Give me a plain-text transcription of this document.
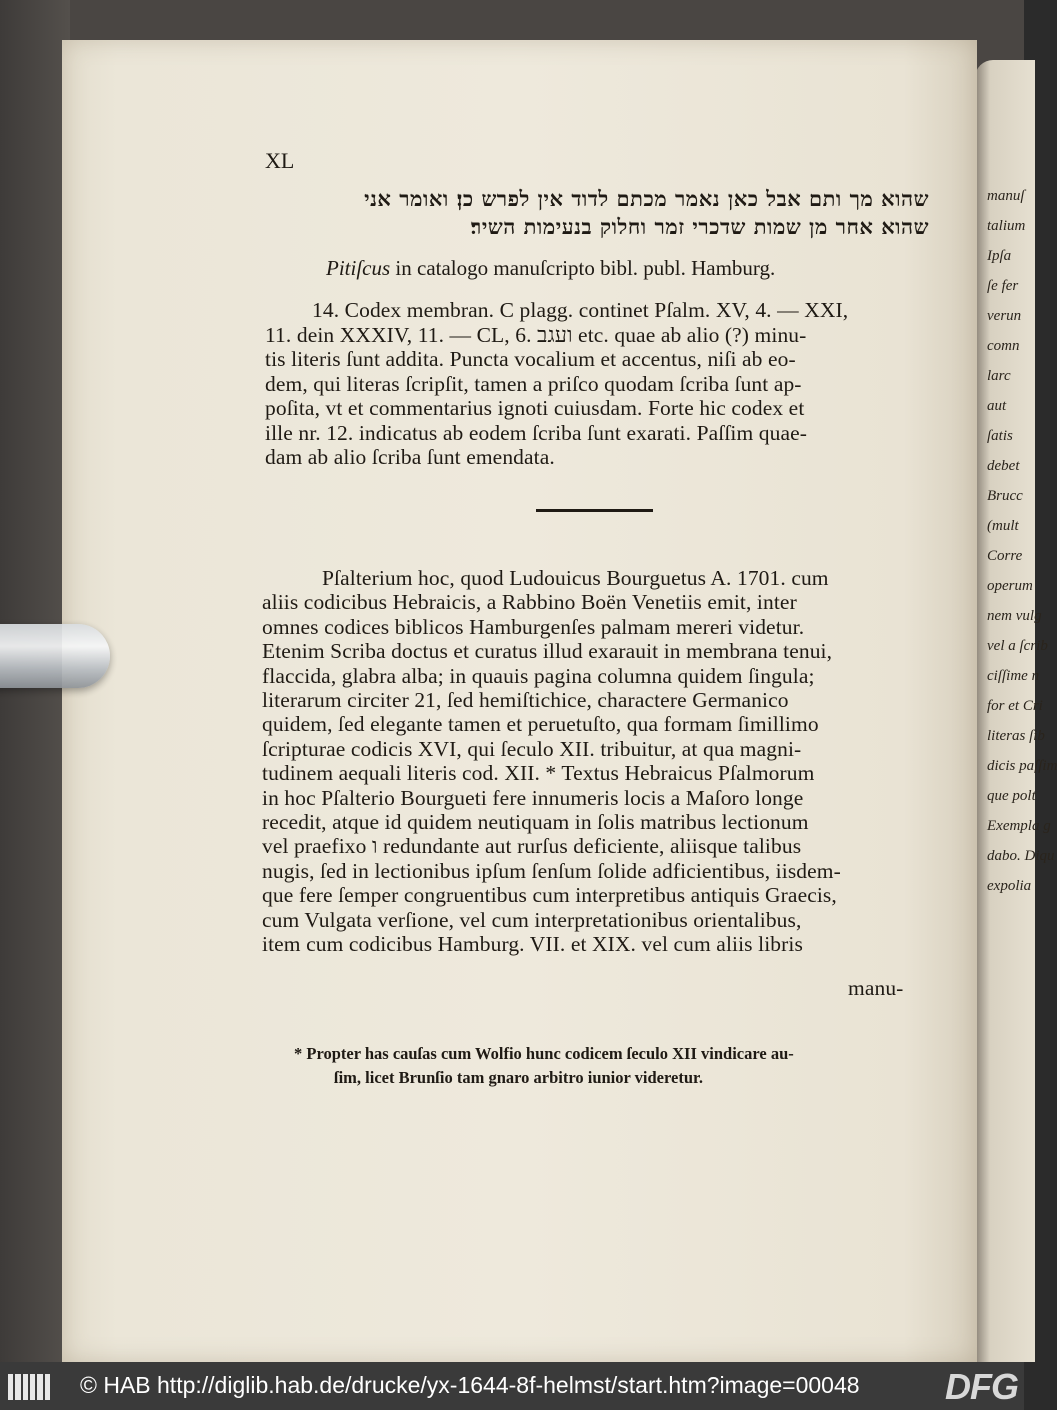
manuſ
talium
Ipſa
ſe fer
verun
comn
larc
aut
ſatis
debet
Brucc
(mult
Corre
operum
nem vulg
vel a ſcrib
ciſſime n
for et Cri
literas ſib
dicis paſſim
que polt
Exempla g
dabo. Diqu
expolia
XL
שהוא מך ותם אבל כאן נאמר מכתם לדוד אין לפרש כן׃ ואומר אני
שהוא אחר מן שמות שדכרי זמר וחלוק בנעימות השיר׃
Pitiſcus in catalogo manuſcripto bibl. publ. Hamburg.
14. Codex membran. C plagg. continet Pſalm. XV, 4. — XXI,
11. dein XXXIV, 11. — CL, 6. ועגב etc. quae ab alio (?) minu-
tis literis ſunt addita. Puncta vocalium et accentus, niſi ab eo-
dem, qui literas ſcripſit, tamen a priſco quodam ſcriba ſunt ap-
poſita, vt et commentarius ignoti cuiusdam. Forte hic codex et
ille nr. 12. indicatus ab eodem ſcriba ſunt exarati. Paſſim quae-
dam ab alio ſcriba ſunt emendata.
Pſalterium hoc, quod Ludouicus Bourguetus A. 1701. cum
aliis codicibus Hebraicis, a Rabbino Boën Venetiis emit, inter
omnes codices biblicos Hamburgenſes palmam mereri videtur.
Etenim Scriba doctus et curatus illud exarauit in membrana tenui,
flaccida, glabra alba; in quauis pagina columna quidem ſingula;
literarum circiter 21, ſed hemiſtichice, charactere Germanico
quidem, ſed elegante tamen et peruetuſto, qua formam ſimillimo
ſcripturae codicis XVI, qui ſeculo XII. tribuitur, at qua magni-
tudinem aequali literis cod. XII. * Textus Hebraicus Pſalmorum
in hoc Pſalterio Bourgueti fere innumeris locis a Maſoro longe
recedit, atque id quidem neutiquam in ſolis matribus lectionum
vel praefixo ו redundante aut rurſus deficiente, aliisque talibus
nugis, ſed in lectionibus ipſum ſenſum ſolide adficientibus, iisdem-
que fere ſemper congruentibus cum interpretibus antiquis Graecis,
cum Vulgata verſione, vel cum interpretationibus orientalibus,
item cum codicibus Hamburg. VII. et XIX. vel cum aliis libris
manu-
* Propter has cauſas cum Wolfio hunc codicem ſeculo XII vindicare au-
ſim, licet Brunſio tam gnaro arbitro iunior videretur.
© HAB http://diglib.hab.de/drucke/yx-1644-8f-helmst/start.htm?image=00048 DFG
